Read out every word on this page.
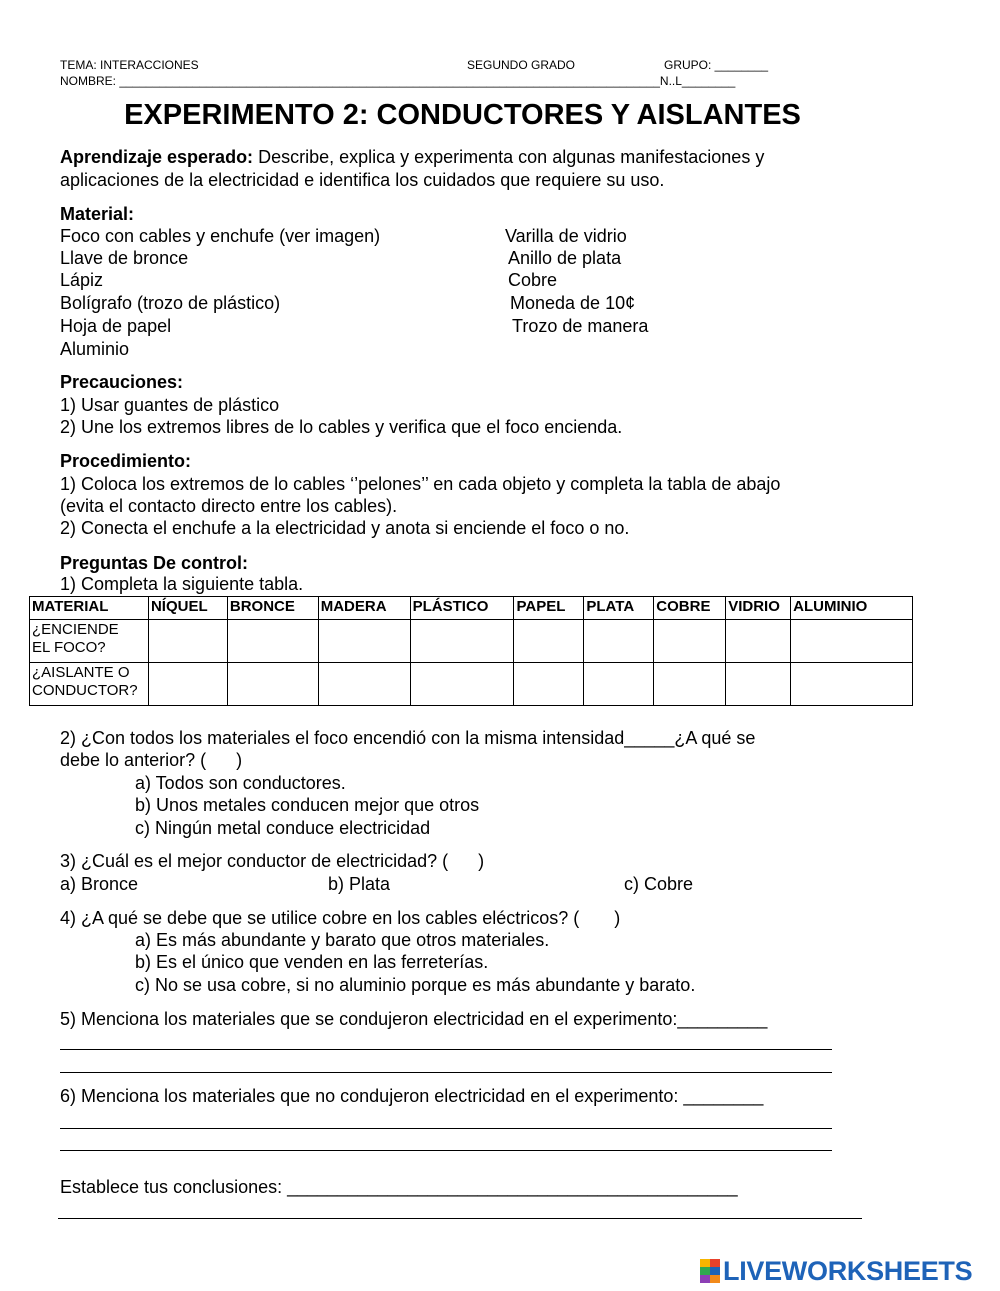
TEMA: INTERACCIONES	SEGUNDO GRADO	GRUPO: ________
NOMBRE: _________________________________________________________________________________N..L________
EXPERIMENTO 2: CONDUCTORES Y AISLANTES
Aprendizaje esperado: Describe, explica y experimenta con algunas manifestaciones y
aplicaciones de la electricidad e identifica los cuidados que requiere su uso.
Material:
Foco con cables y enchufe (ver imagen)
Llave de bronce
Lápiz
Bolígrafo (trozo de plástico)
Hoja de papel
Aluminio
Varilla de vidrio
Anillo de plata
Cobre
Moneda de 10¢
Trozo de manera
Precauciones:
1) Usar guantes de plástico
2) Une los extremos libres de lo cables y verifica que el foco encienda.
Procedimiento:
1) Coloca los extremos de lo cables ‘’pelones’’ en cada objeto y completa la tabla de abajo
(evita el contacto directo entre los cables).
2) Conecta el enchufe a la electricidad y anota si enciende el foco o no.
Preguntas De control:
1) Completa la siguiente tabla.
MATERIAL	NÍQUEL	BRONCE	MADERA	PLÁSTICO	PAPEL	PLATA	COBRE	VIDRIO	ALUMINIO
¿ENCIENDE
EL FOCO?									
¿AISLANTE O
CONDUCTOR?									
2) ¿Con todos los materiales el foco encendió con la misma intensidad_____¿A qué se
debe lo anterior? (      )
a) Todos son conductores.
b) Unos metales conducen mejor que otros
c) Ningún metal conduce electricidad
3) ¿Cuál es el mejor conductor de electricidad? (      )
a) Bronce	b) Plata	c) Cobre
4) ¿A qué se debe que se utilice cobre en los cables eléctricos? (       )
a) Es más abundante y barato que otros materiales.
b) Es el único que venden en las ferreterías.
c) No se usa cobre, si no aluminio porque es más abundante y barato.
5) Menciona los materiales que se condujeron electricidad en el experimento:_________
6) Menciona los materiales que no condujeron electricidad en el experimento: ________
Establece tus conclusiones: _____________________________________________
LIVEWORKSHEETS
